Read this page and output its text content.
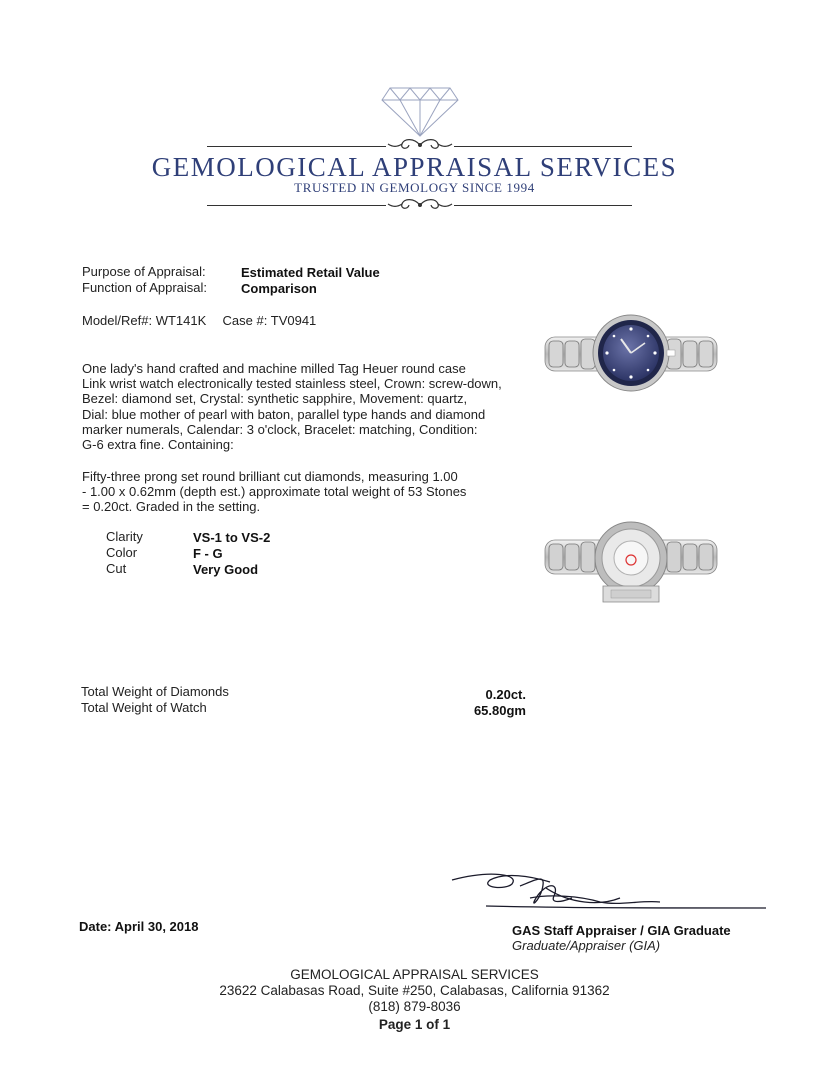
GEMOLOGICAL APPRAISAL SERVICES
TRUSTED IN GEMOLOGY SINCE 1994
Purpose of Appraisal:	Estimated Retail Value
Function of Appraisal:	Comparison
Model/Ref#: WT141K Case #: TV0941
One lady's hand crafted and machine milled Tag Heuer round case
Link wrist watch electronically tested stainless steel, Crown: screw-down,
Bezel: diamond set, Crystal: synthetic sapphire, Movement: quartz,
Dial: blue mother of pearl with baton, parallel type hands and diamond
marker numerals, Calendar: 3 o'clock, Bracelet: matching, Condition:
G-6 extra fine. Containing:
Fifty-three prong set round brilliant cut diamonds, measuring 1.00
- 1.00 x 0.62mm (depth est.) approximate total weight of 53 Stones
= 0.20ct. Graded in the setting.
Clarity	VS-1 to VS-2
Color	F - G
Cut	Very Good
Total Weight of Diamonds	0.20ct.
Total Weight of Watch	65.80gm
Date: April 30, 2018	GAS Staff Appraiser / GIA Graduate
Graduate/Appraiser (GIA)
GEMOLOGICAL APPRAISAL SERVICES
23622 Calabasas Road, Suite #250, Calabasas, California 91362
(818) 879-8036
Page 1 of 1
